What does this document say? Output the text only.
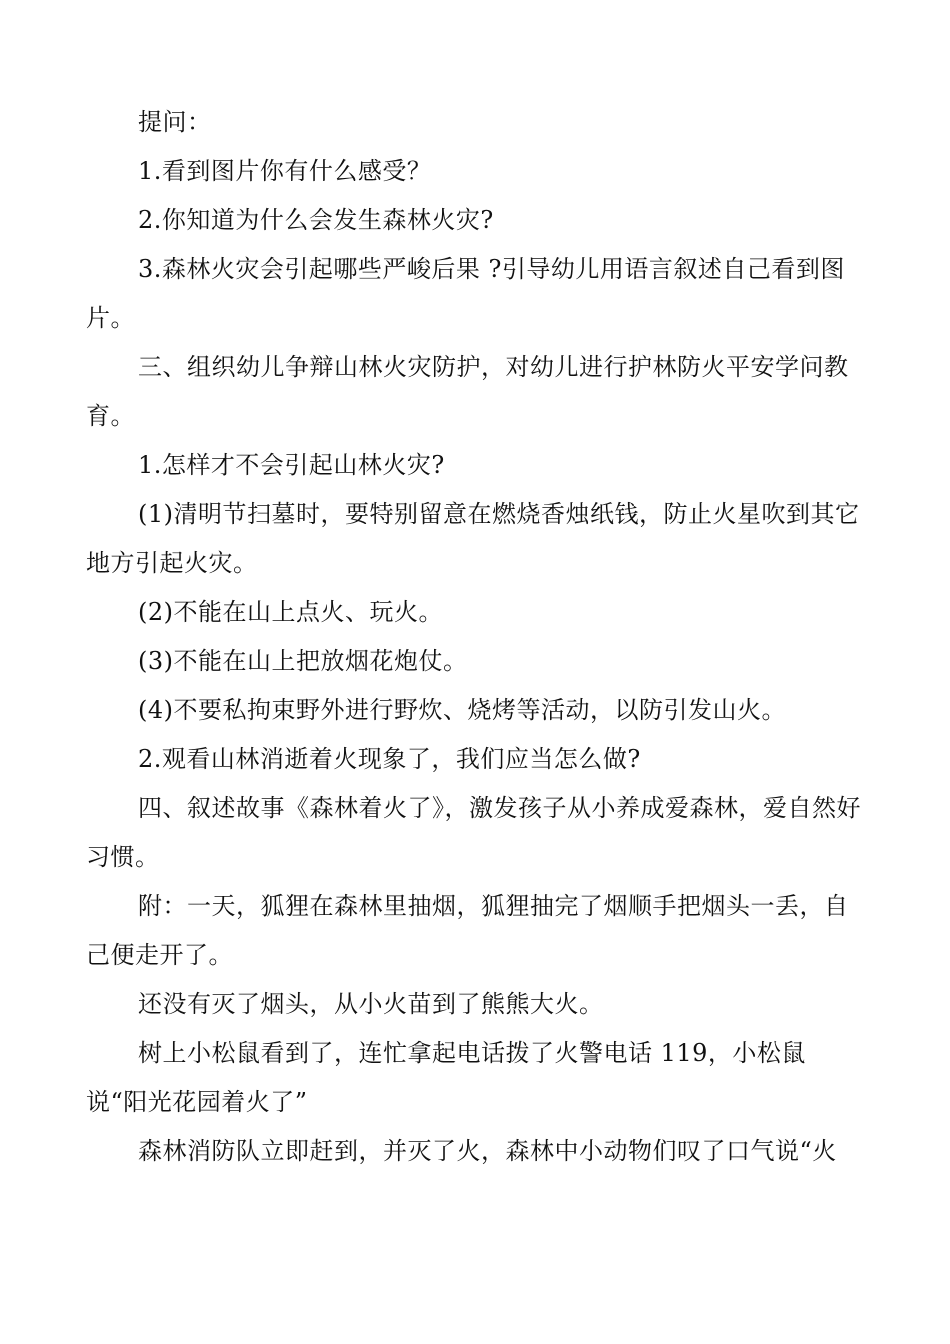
提问：

1.看到图片你有什么感受？

2.你知道为什么会发生森林火灾?

3.森林火灾会引起哪些严峻后果 ?引导幼儿用语言叙述自己看到图片。

三、组织幼儿争辩山林火灾防护，对幼儿进行护林防火平安学问教育。

1.怎样才不会引起山林火灾?

(1)清明节扫墓时，要特别留意在燃烧香烛纸钱，防止火星吹到其它地方引起火灾。

(2)不能在山上点火、玩火。

(3)不能在山上把放烟花炮仗。

(4)不要私拘束野外进行野炊、烧烤等活动，以防引发山火。

2.观看山林消逝着火现象了，我们应当怎么做?

四、叙述故事《森林着火了》，激发孩子从小养成爱森林，爱自然好习惯。

附：一天，狐狸在森林里抽烟，狐狸抽完了烟顺手把烟头一丢，自己便走开了。

还没有灭了烟头，从小火苗到了熊熊大火。

树上小松鼠看到了，连忙拿起电话拨了火警电话 119，小松鼠说“阳光花园着火了”

森林消防队立即赶到，并灭了火，森林中小动物们叹了口气说“火
